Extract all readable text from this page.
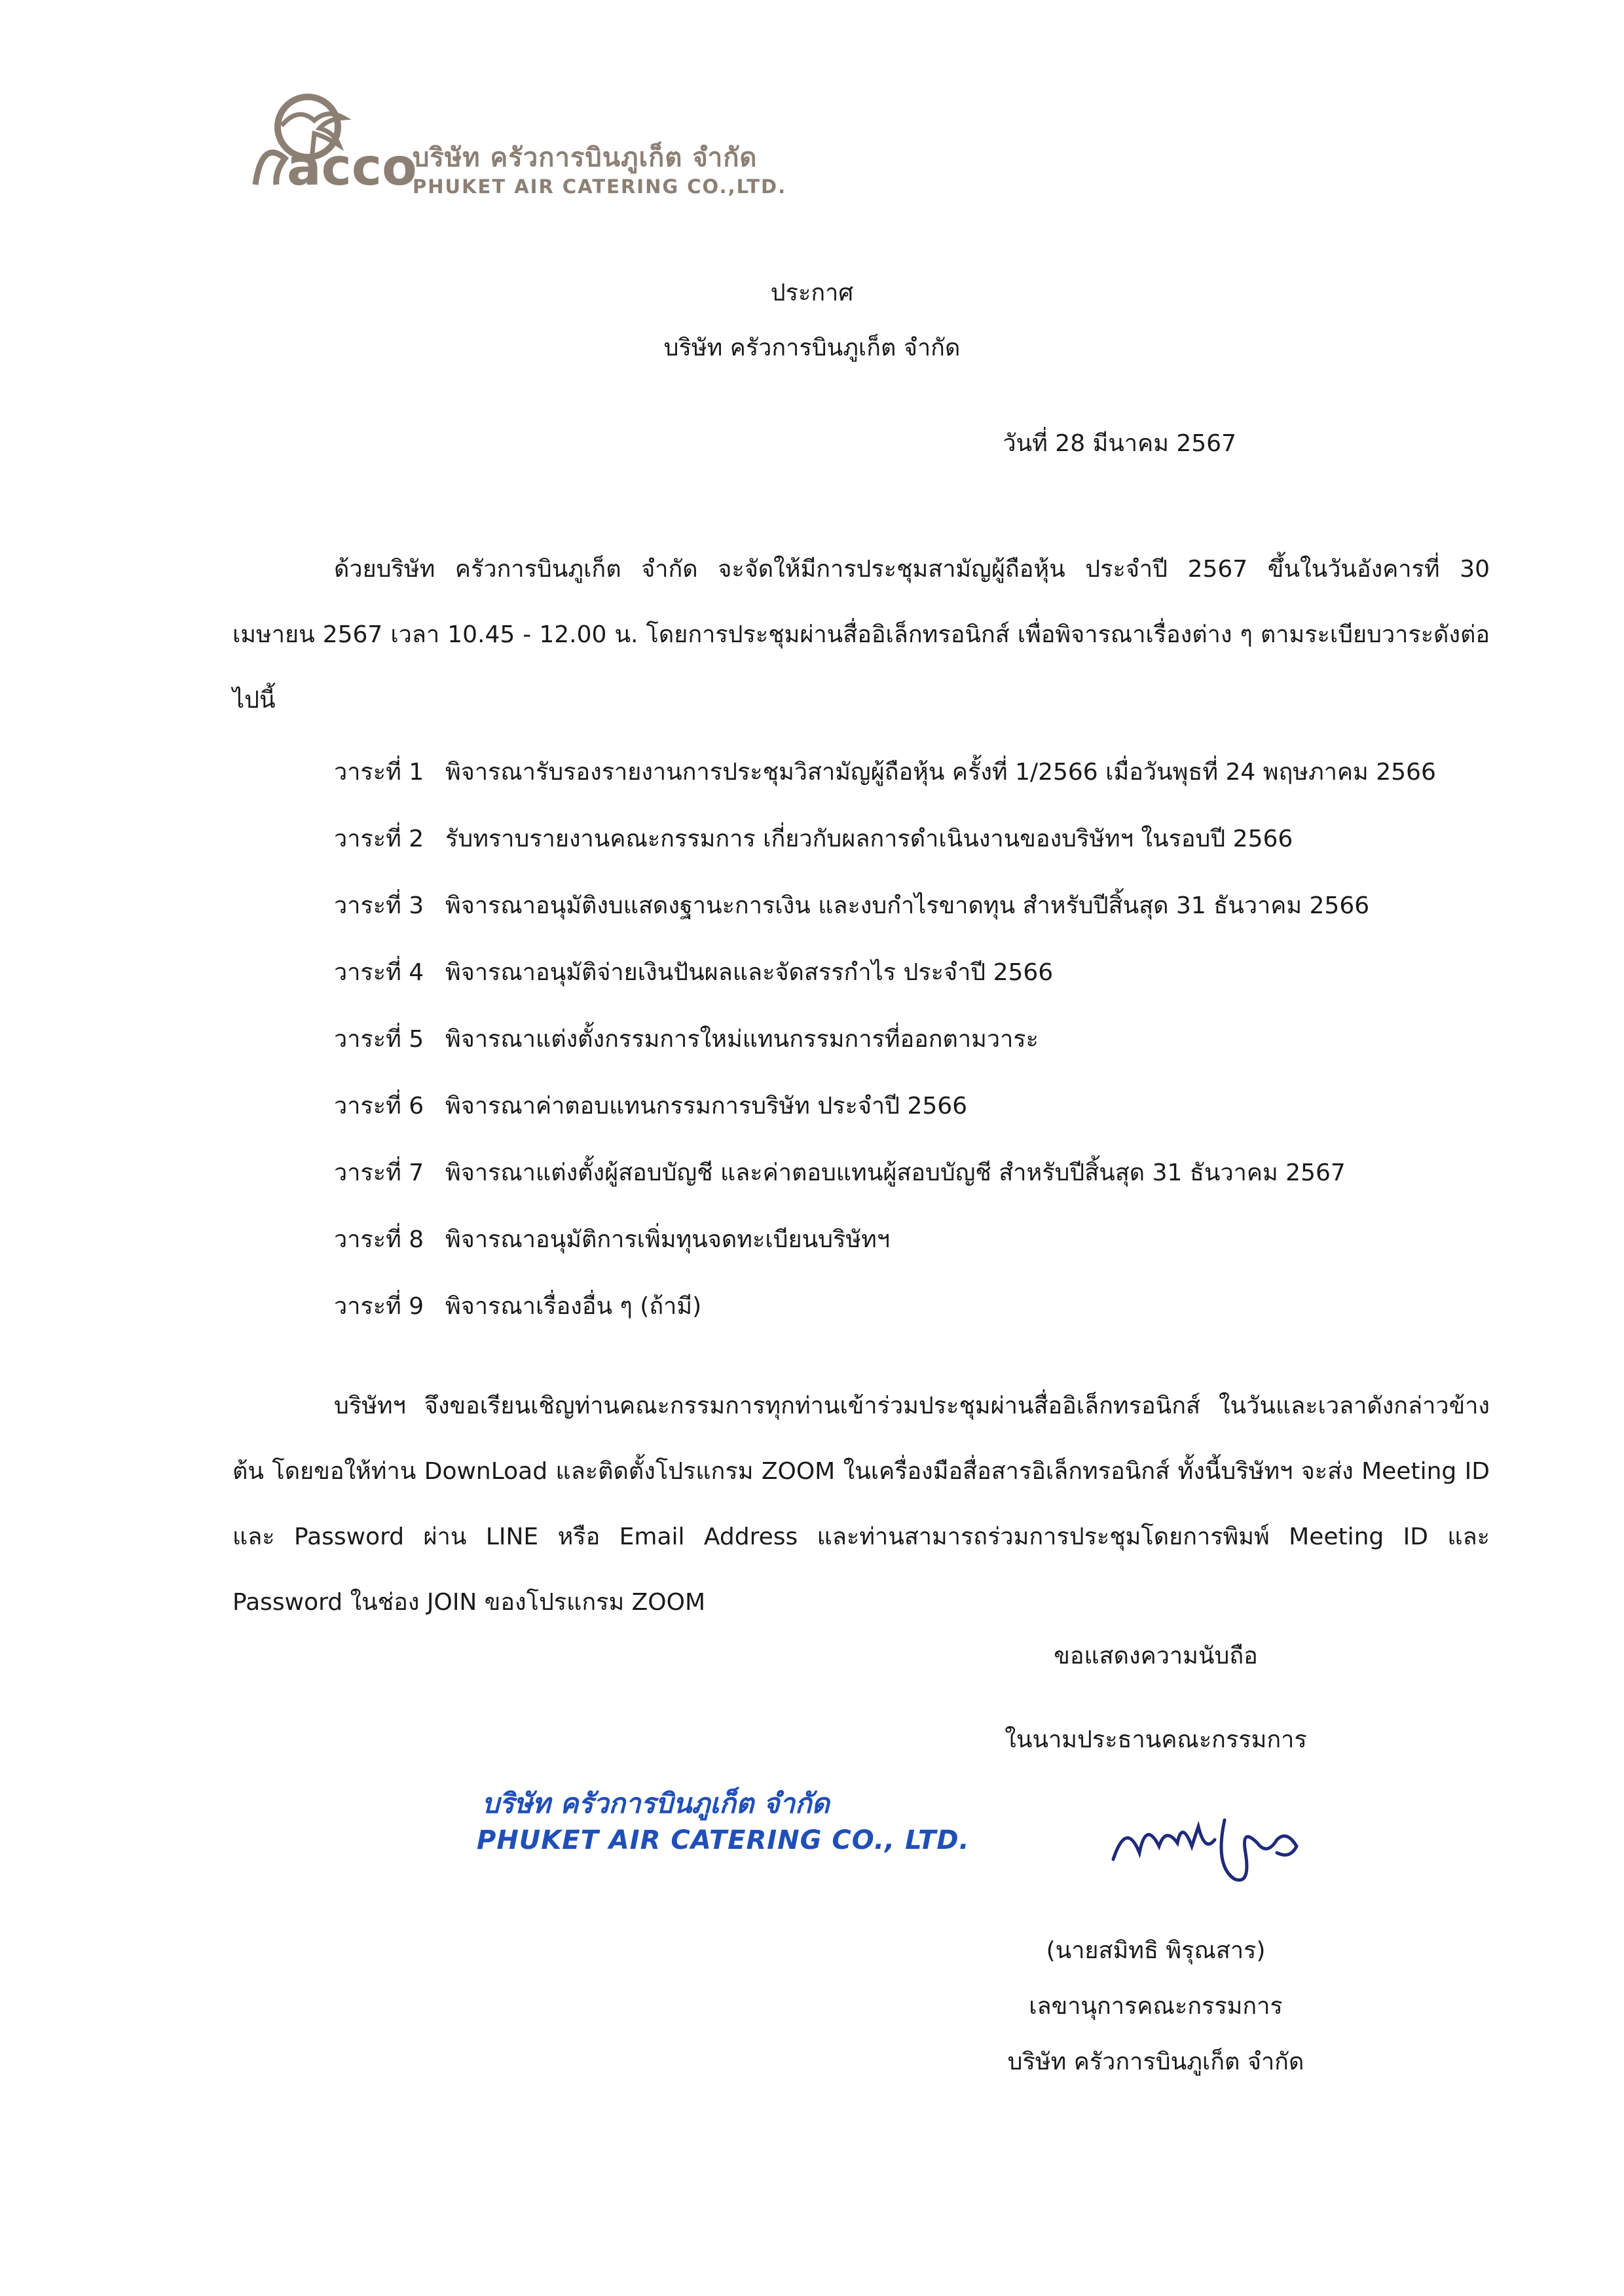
acco
บริษัท ครัวการบินภูเก็ต จำกัด
PHUKET AIR CATERING CO.,LTD.
ประกาศ
บริษัท ครัวการบินภูเก็ต จำกัด
วันที่ 28 มีนาคม 2567

ด้วยบริษัท ครัวการบินภูเก็ต จำกัด จะจัดให้มีการประชุมสามัญผู้ถือหุ้น ประจำปี 2567 ขึ้นในวันอังคารที่ 30 เมษายน 2567 เวลา 10.45 - 12.00 น. โดยการประชุมผ่านสื่ออิเล็กทรอนิกส์ เพื่อพิจารณาเรื่องต่าง ๆ ตามระเบียบวาระดังต่อไปนี้

วาระที่ 1 พิจารณารับรองรายงานการประชุมวิสามัญผู้ถือหุ้น ครั้งที่ 1/2566 เมื่อวันพุธที่ 24 พฤษภาคม 2566
วาระที่ 2 รับทราบรายงานคณะกรรมการ เกี่ยวกับผลการดำเนินงานของบริษัทฯ ในรอบปี 2566
วาระที่ 3 พิจารณาอนุมัติงบแสดงฐานะการเงิน และงบกำไรขาดทุน สำหรับปีสิ้นสุด 31 ธันวาคม 2566
วาระที่ 4 พิจารณาอนุมัติจ่ายเงินปันผลและจัดสรรกำไร ประจำปี 2566
วาระที่ 5 พิจารณาแต่งตั้งกรรมการใหม่แทนกรรมการที่ออกตามวาระ
วาระที่ 6 พิจารณาค่าตอบแทนกรรมการบริษัท ประจำปี 2566
วาระที่ 7 พิจารณาแต่งตั้งผู้สอบบัญชี และค่าตอบแทนผู้สอบบัญชี สำหรับปีสิ้นสุด 31 ธันวาคม 2567
วาระที่ 8 พิจารณาอนุมัติการเพิ่มทุนจดทะเบียนบริษัทฯ
วาระที่ 9 พิจารณาเรื่องอื่น ๆ (ถ้ามี)

บริษัทฯ จึงขอเรียนเชิญท่านคณะกรรมการทุกท่านเข้าร่วมประชุมผ่านสื่ออิเล็กทรอนิกส์ ในวันและเวลาดังกล่าวข้างต้น โดยขอให้ท่าน DownLoad และติดตั้งโปรแกรม ZOOM ในเครื่องมือสื่อสารอิเล็กทรอนิกส์ ทั้งนี้บริษัทฯ จะส่ง Meeting ID และ Password ผ่าน LINE หรือ Email Address และท่านสามารถร่วมการประชุมโดยการพิมพ์ Meeting ID และ Password ในช่อง JOIN ของโปรแกรม ZOOM

ขอแสดงความนับถือ
ในนามประธานคณะกรรมการ
(นายสมิทธิ พิรุณสาร)
เลขานุการคณะกรรมการ
บริษัท ครัวการบินภูเก็ต จำกัด
บริษัท ครัวการบินภูเก็ต จำกัด
PHUKET AIR CATERING CO., LTD.
